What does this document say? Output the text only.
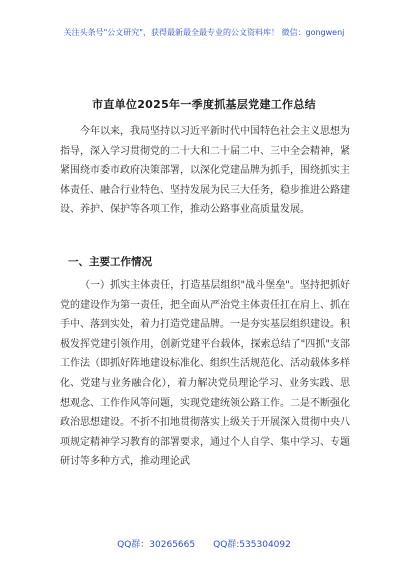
关注头条号"公文研究"，获得最新最全最专业的公文资料库！ 微信：gongwenj
市直单位2025年一季度抓基层党建工作总结
今年以来，我局坚持以习近平新时代中国特色社会主义思想为指导，深入学习贯彻党的二十大和二十届二中、三中全会精神，紧紧围绕市委市政府决策部署，以深化党建品牌为抓手，围绕抓实主体责任、融合行业特色、坚持发展为民三大任务，稳步推进公路建设、养护、保护等各项工作，推动公路事业高质量发展。
一、主要工作情况
（一）抓实主体责任，打造基层组织"战斗堡垒"。坚持把抓好党的建设作为第一责任，把全面从严治党主体责任扛在肩上、抓在手中、落到实处，着力打造党建品牌。一是夯实基层组织建设。积极发挥党建引领作用，创新党建平台载体，探索总结了"四抓"支部工作法（即抓好阵地建设标准化、组织生活规范化、活动载体多样化、党建与业务融合化），着力解决党员理论学习、业务实践、思想观念、工作作风等问题，实现党建统领公路工作。二是不断强化政治思想建设。不折不扣地贯彻落实上级关于开展深入贯彻中央八项规定精神学习教育的部署要求，通过个人自学、集中学习、专题研讨等多种方式，推动理论武
QQ群：30265665 QQ群:535304092
